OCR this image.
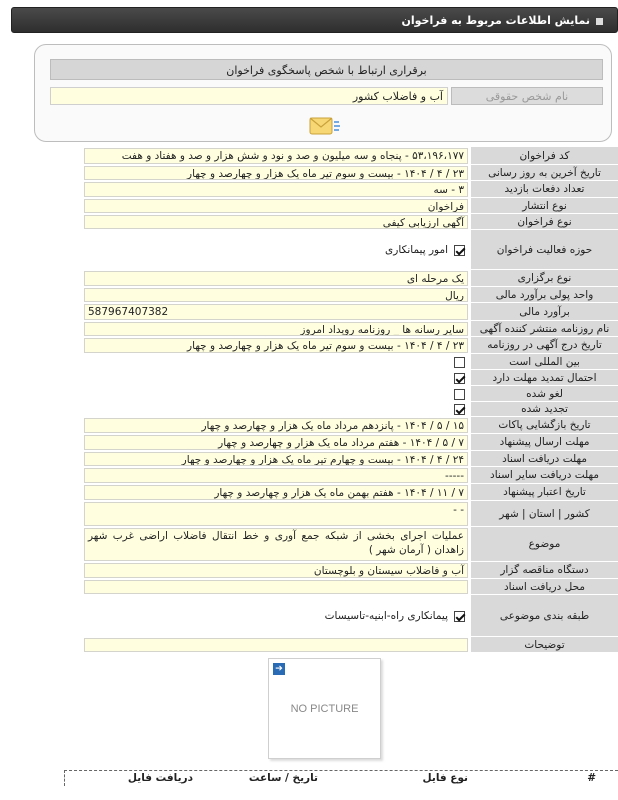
نمایش اطلاعات مربوط به فراخوان
برقراری ارتباط با شخص پاسخگوی فراخوان
نام شخص حقوقی
آب و فاضلاب کشور
کد فراخوان
۵۳،۱۹۶،۱۷۷ - پنجاه و سه میلیون و صد و نود و شش هزار و صد و هفتاد و هفت
تاریخ آخرین به روز رسانی
۲۳ / ۴ / ۱۴۰۴ - بیست و سوم تیر ماه یک هزار و چهارصد و چهار
تعداد دفعات بازدید
۳ - سه
نوع انتشار
فراخوان
نوع فراخوان
آگهی ارزیابی کیفی
حوزه فعالیت فراخوان
امور پیمانکاری
نوع برگزاری
یک مرحله ای
واحد پولی برآورد مالی
ریال
برآورد مالی
587967407382
نام روزنامه منتشر کننده آگهی
سایر رسانه ها _ روزنامه رویداد امروز
تاریخ درج آگهی در روزنامه
۲۳ / ۴ / ۱۴۰۴ - بیست و سوم تیر ماه یک هزار و چهارصد و چهار
بین المللی است
احتمال تمدید مهلت دارد
لغو شده
تجدید شده
تاریخ بازگشایی پاکات
۱۵ / ۵ / ۱۴۰۴ - پانزدهم مرداد ماه یک هزار و چهارصد و چهار
مهلت ارسال پیشنهاد
۷ / ۵ / ۱۴۰۴ - هفتم مرداد ماه یک هزار و چهارصد و چهار
مهلت دریافت اسناد
۲۴ / ۴ / ۱۴۰۴ - بیست و چهارم تیر ماه یک هزار و چهارصد و چهار
مهلت دریافت سایر اسناد
-----
تاریخ اعتبار پیشنهاد
۷ / ۱۱ / ۱۴۰۴ - هفتم بهمن ماه یک هزار و چهارصد و چهار
کشور | استان | شهر
- -
موضوع
عملیات اجرای بخشی از شبکه جمع آوری و خط انتقال فاضلاب اراضی غرب شهر زاهدان ( آرمان شهر )
دستگاه مناقصه گزار
آب و فاضلاب سیستان و بلوچستان
محل دریافت اسناد
طبقه بندی موضوعی
پیمانکاری راه-ابنیه-تاسیسات
توضیحات
➔
NO PICTURE
#
نوع فایل
تاریخ / ساعت
دریافت فایل
